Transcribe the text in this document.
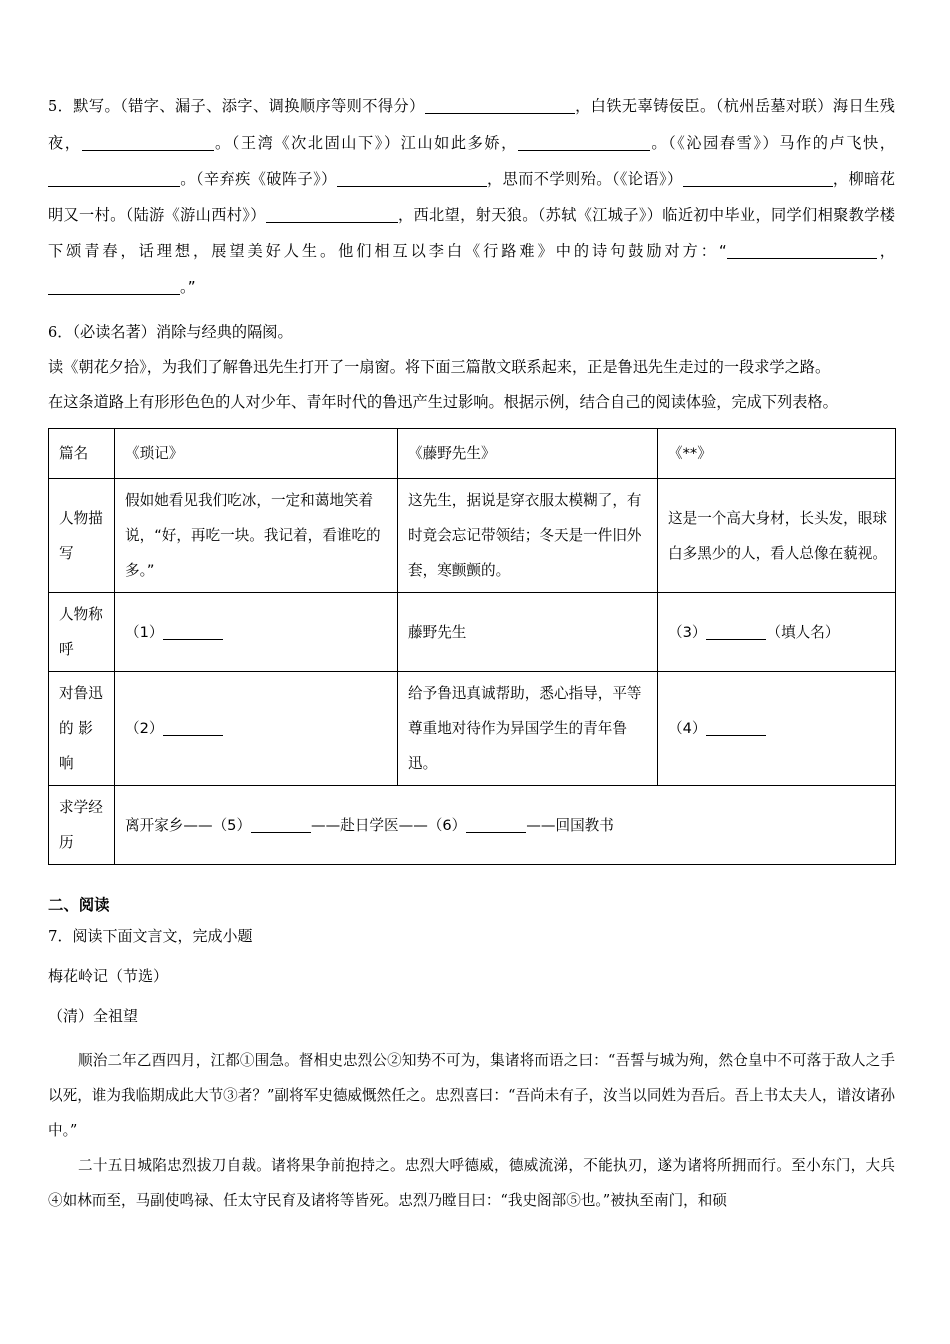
5．默写。（错字、漏子、添字、调换顺序等则不得分）	，白铁无辜铸佞臣。（杭州岳墓对联）海日生残夜，	。（王湾《次北固山下》）江山如此多娇，	。（《沁园春雪》）马作的卢飞快，。（辛弃疾《破阵子》）	，思而不学则殆。（《论语》）	，柳暗花明又一村。（陆游《游山西村》）	，西北望，射天狼。（苏轼《江城子》）临近初中毕业，同学们相聚教学楼下颂青春，话理想，展望美好人生。他们相互以李白《行路难》中的诗句鼓励对方：“	，。”
6．（必读名著）消除与经典的隔阂。
读《朝花夕拾》，为我们了解鲁迅先生打开了一扇窗。将下面三篇散文联系起来，正是鲁迅先生走过的一段求学之路。
在这条道路上有形形色色的人对少年、青年时代的鲁迅产生过影响。根据示例，结合自己的阅读体验，完成下列表格。
篇名	《琐记》	《藤野先生》	《**》
人物描写	假如她看见我们吃冰，一定和蔼地笑着说，“好，再吃一块。我记着，看谁吃的多。”	这先生，据说是穿衣服太模糊了，有时竟会忘记带领结；冬天是一件旧外套，寒颤颤的。	这是一个高大身材，长头发，眼球白多黑少的人，看人总像在藐视。
人物称呼	（1）	藤野先生	（3） （填人名）
对鲁迅的 影响	（2）	给予鲁迅真诚帮助，悉心指导，平等尊重地对待作为异国学生的青年鲁迅。	（4）
求学经历	离开家乡——（5） ——赴日学医——（6） ——回国教书		
二、阅读
7．阅读下面文言文，完成小题
梅花岭记（节选）
（清）全祖望
顺治二年乙酉四月，江都①围急。督相史忠烈公②知势不可为，集诸将而语之曰：“吾誓与城为殉，然仓皇中不可落于敌人之手以死，谁为我临期成此大节③者？”副将军史德威慨然任之。忠烈喜曰：“吾尚未有子，汝当以同姓为吾后。吾上书太夫人，谱汝诸孙中。”
二十五日城陷忠烈拔刀自裁。诸将果争前抱持之。忠烈大呼德威，德威流涕，不能执刃，遂为诸将所拥而行。至小东门，大兵④如林而至，马副使鸣禄、任太守民育及诸将等皆死。忠烈乃瞠目曰：“我史阁部⑤也。”被执至南门，和硕
